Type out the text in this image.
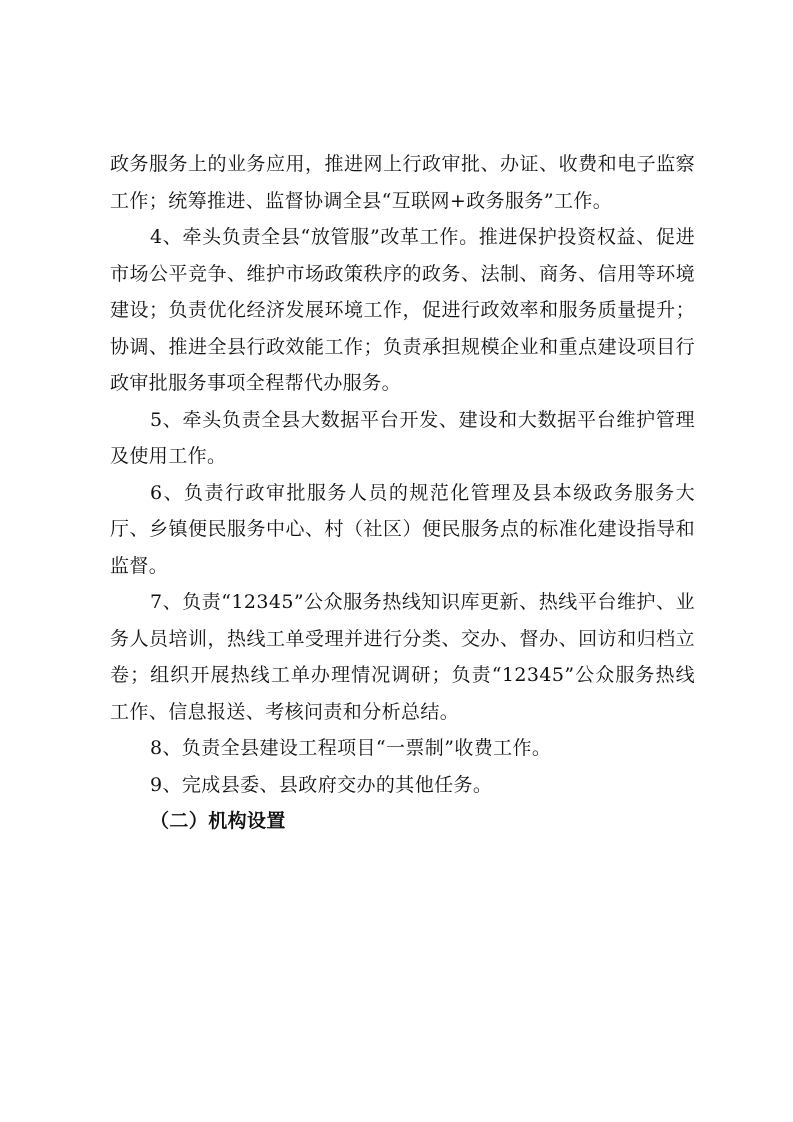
政务服务上的业务应用，推进网上行政审批、办证、收费和电子监察工作；统筹推进、监督协调全县“互联网+政务服务”工作。

4、牵头负责全县“放管服”改革工作。推进保护投资权益、促进市场公平竞争、维护市场政策秩序的政务、法制、商务、信用等环境建设；负责优化经济发展环境工作，促进行政效率和服务质量提升；协调、推进全县行政效能工作；负责承担规模企业和重点建设项目行政审批服务事项全程帮代办服务。

5、牵头负责全县大数据平台开发、建设和大数据平台维护管理及使用工作。

6、负责行政审批服务人员的规范化管理及县本级政务服务大厅、乡镇便民服务中心、村（社区）便民服务点的标准化建设指导和监督。

7、负责“12345”公众服务热线知识库更新、热线平台维护、业务人员培训，热线工单受理并进行分类、交办、督办、回访和归档立卷；组织开展热线工单办理情况调研；负责“12345”公众服务热线工作、信息报送、考核问责和分析总结。

8、负责全县建设工程项目“一票制”收费工作。

9、完成县委、县政府交办的其他任务。

（二）机构设置
